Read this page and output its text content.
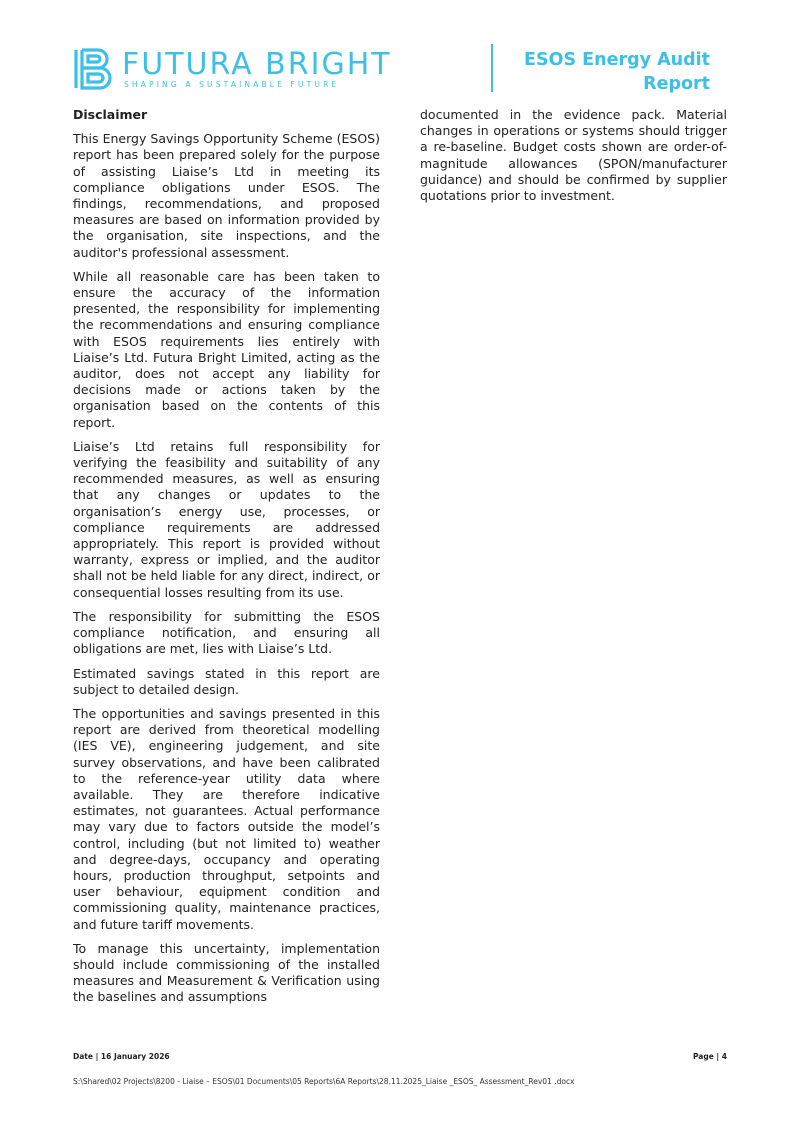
FUTURA BRIGHT
SHAPING A SUSTAINABLE FUTURE
ESOS Energy Audit
Report
Disclaimer

This Energy Savings Opportunity Scheme (ESOS) report has been prepared solely for the purpose of assisting Liaise’s Ltd in meeting its compliance obligations under ESOS. The findings, recommendations, and proposed measures are based on information provided by the organisation, site inspections, and the auditor's professional assessment.

While all reasonable care has been taken to ensure the accuracy of the information presented, the responsibility for implementing the recommendations and ensuring compliance with ESOS requirements lies entirely with Liaise’s Ltd. Futura Bright Limited, acting as the auditor, does not accept any liability for decisions made or actions taken by the organisation based on the contents of this report.

Liaise’s Ltd retains full responsibility for verifying the feasibility and suitability of any recommended measures, as well as ensuring that any changes or updates to the organisation’s energy use, processes, or compliance requirements are addressed appropriately. This report is provided without warranty, express or implied, and the auditor shall not be held liable for any direct, indirect, or consequential losses resulting from its use.

The responsibility for submitting the ESOS compliance notification, and ensuring all obligations are met, lies with Liaise’s Ltd.

Estimated savings stated in this report are subject to detailed design.

The opportunities and savings presented in this report are derived from theoretical modelling (IES VE), engineering judgement, and site survey observations, and have been calibrated to the reference-year utility data where available. They are therefore indicative estimates, not guarantees. Actual performance may vary due to factors outside the model’s control, including (but not limited to) weather and degree-days, occupancy and operating hours, production throughput, setpoints and user behaviour, equipment condition and commissioning quality, maintenance practices, and future tariff movements.

To manage this uncertainty, implementation should include commissioning of the installed measures and Measurement & Verification using the baselines and assumptions

documented in the evidence pack. Material changes in operations or systems should trigger a re-baseline. Budget costs shown are order-of-magnitude allowances (SPON/manufacturer guidance) and should be confirmed by supplier quotations prior to investment.

Date | 16 January 2026	Page | 4
S:\Shared\02 Projects\8200 - Liaise – ESOS\01 Documents\05 Reports\6A Reports\28.11.2025_Liaise _ESOS_ Assessment_Rev01 .docx
